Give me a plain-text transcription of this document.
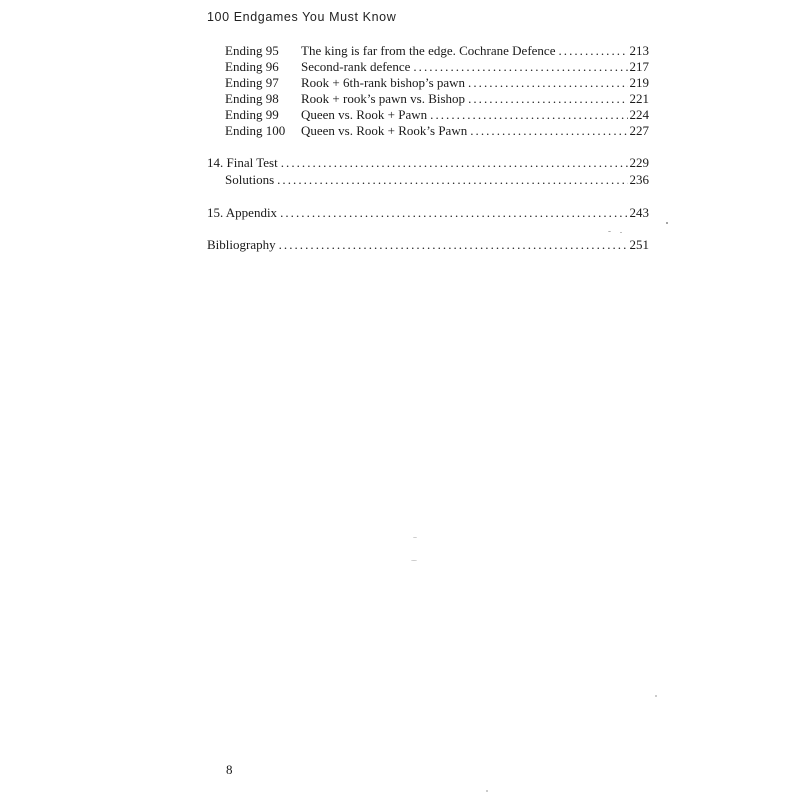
100 Endgames You Must Know
Ending 95 The king is far from the edge. Cochrane Defence . . .	213
Ending 96 Second-rank defence . . .	217
Ending 97 Rook + 6th-rank bishop’s pawn . . .	219
Ending 98 Rook + rook’s pawn vs. Bishop . . .	221
Ending 99 Queen vs. Rook + Pawn . . .	224
Ending 100 Queen vs. Rook + Rook’s Pawn . . .	227
14. Final Test . . .	229
Solutions . . .	236
15. Appendix . . .	243
Bibliography . . .	251
8
